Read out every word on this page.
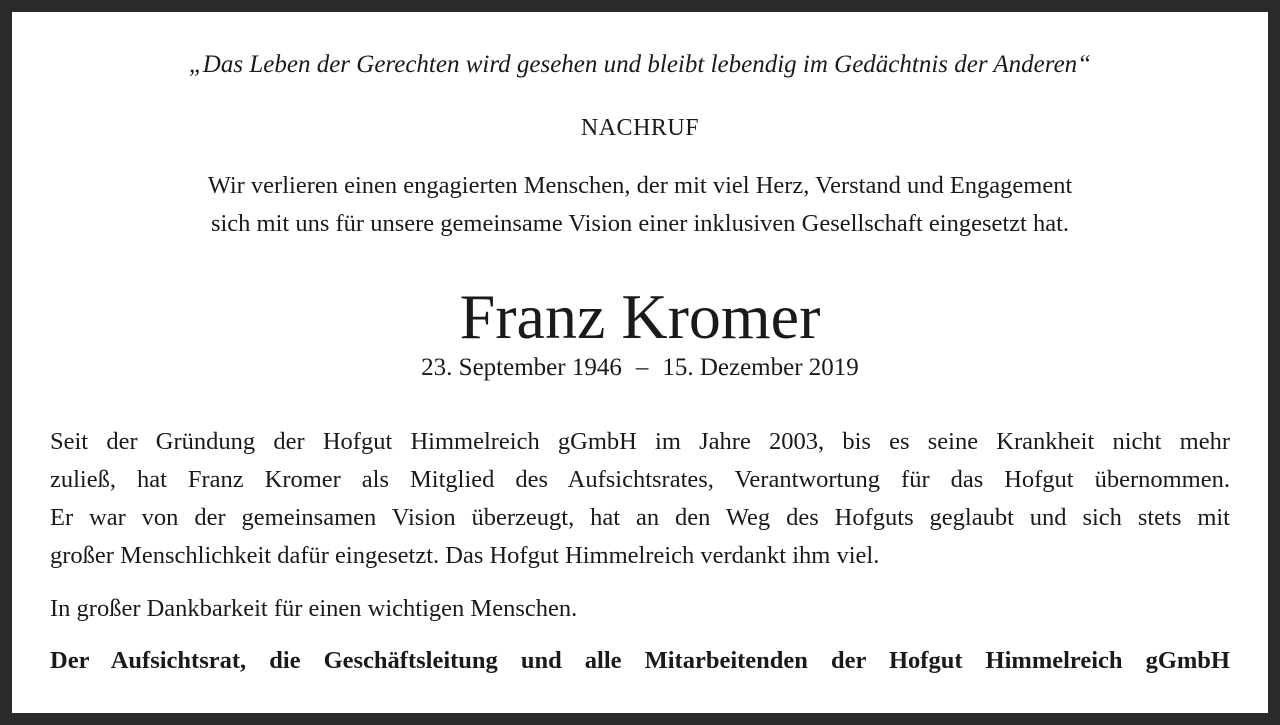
„Das Leben der Gerechten wird gesehen und bleibt lebendig im Gedächtnis der Anderen“
NACHRUF
Wir verlieren einen engagierten Menschen, der mit viel Herz, Verstand und Engagement
sich mit uns für unsere gemeinsame Vision einer inklusiven Gesellschaft eingesetzt hat.
Franz Kromer
23. September 1946 – 15. Dezember 2019
Seit der Gründung der Hofgut Himmelreich gGmbH im Jahre 2003, bis es seine Krankheit nicht mehr
zuließ, hat Franz Kromer als Mitglied des Aufsichtsrates, Verantwortung für das Hofgut übernommen.
Er war von der gemeinsamen Vision überzeugt, hat an den Weg des Hofguts geglaubt und sich stets mit
großer Menschlichkeit dafür eingesetzt. Das Hofgut Himmelreich verdankt ihm viel.
In großer Dankbarkeit für einen wichtigen Menschen.
Der Aufsichtsrat, die Geschäftsleitung und alle Mitarbeitenden der Hofgut Himmelreich gGmbH
